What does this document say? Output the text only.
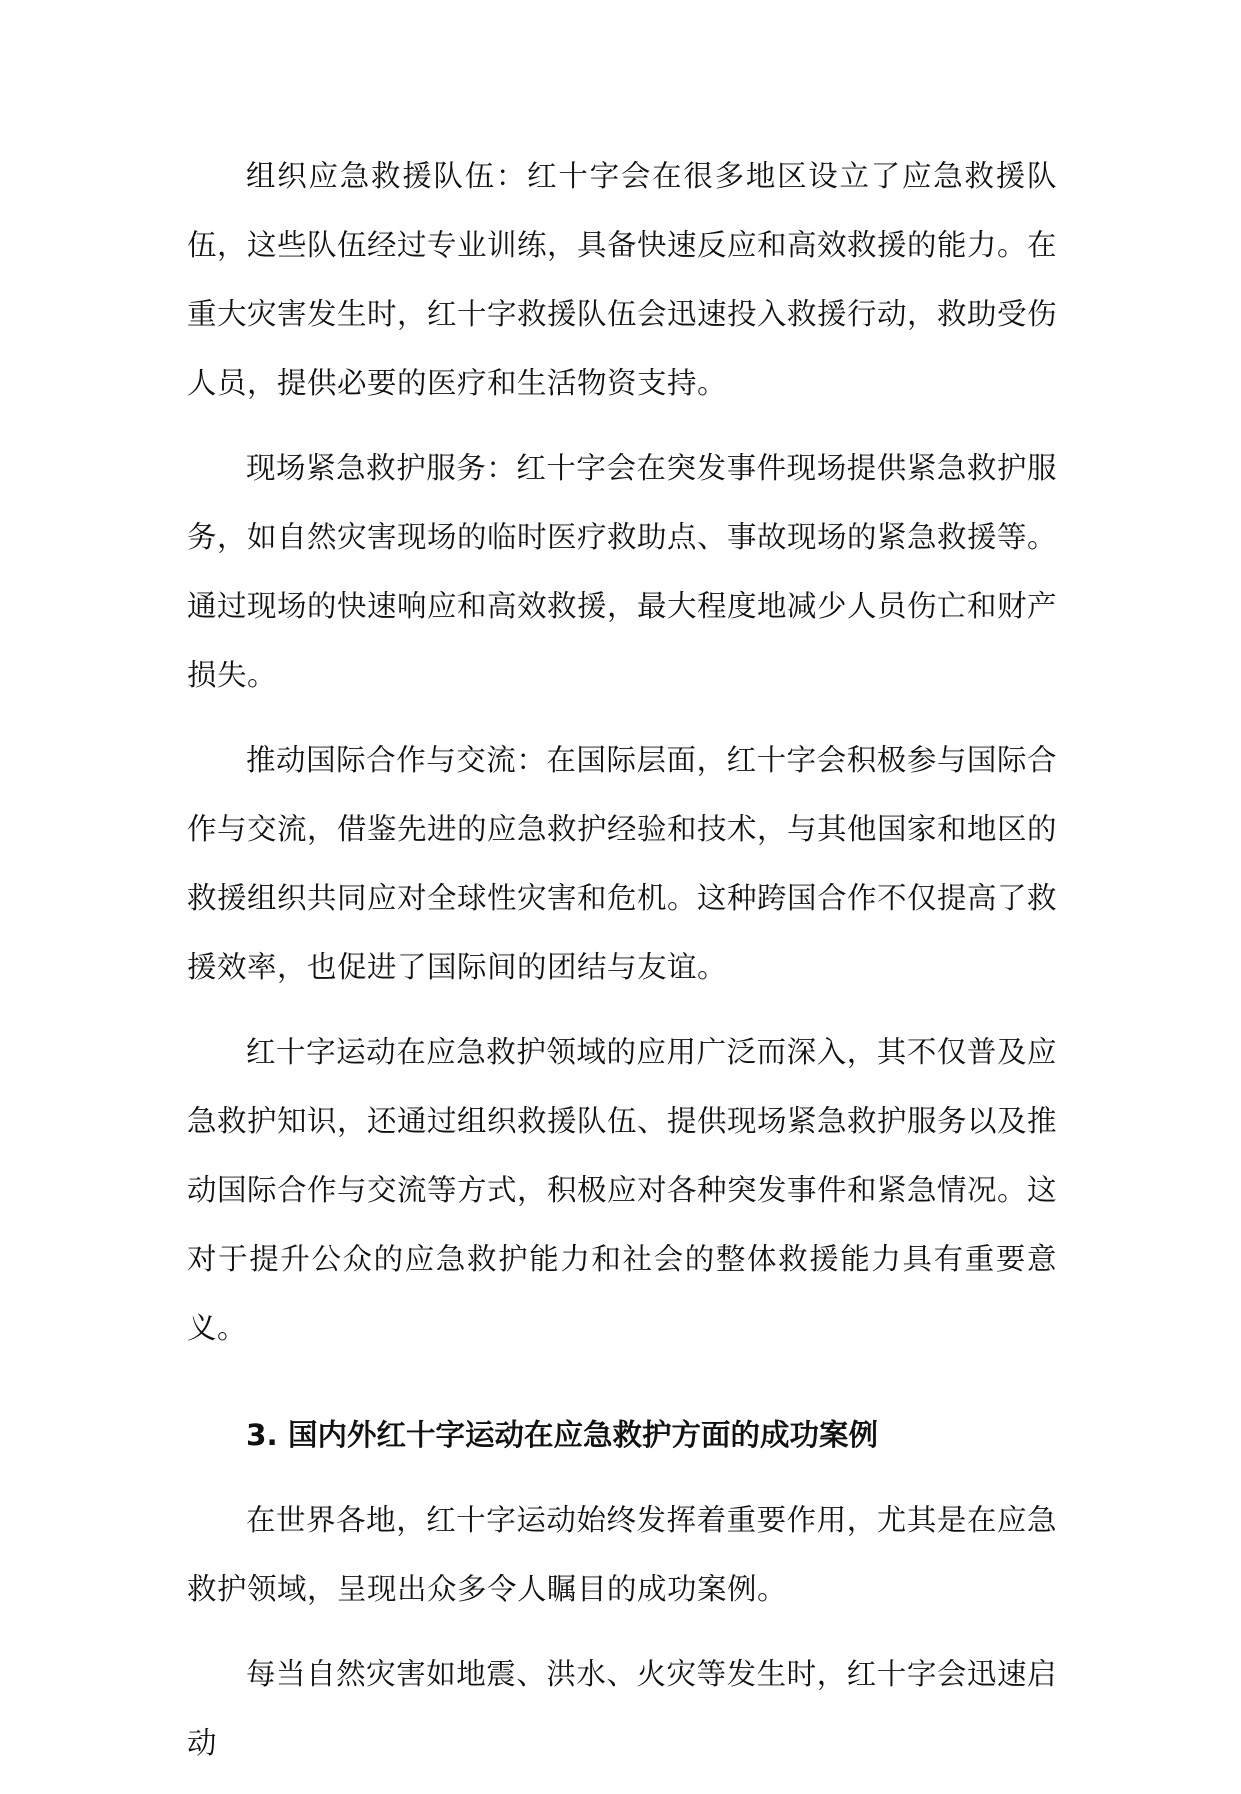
组织应急救援队伍：红十字会在很多地区设立了应急救援队伍，这些队伍经过专业训练，具备快速反应和高效救援的能力。在重大灾害发生时，红十字救援队伍会迅速投入救援行动，救助受伤人员，提供必要的医疗和生活物资支持。

现场紧急救护服务：红十字会在突发事件现场提供紧急救护服务，如自然灾害现场的临时医疗救助点、事故现场的紧急救援等。通过现场的快速响应和高效救援，最大程度地减少人员伤亡和财产损失。

推动国际合作与交流：在国际层面，红十字会积极参与国际合作与交流，借鉴先进的应急救护经验和技术，与其他国家和地区的救援组织共同应对全球性灾害和危机。这种跨国合作不仅提高了救援效率，也促进了国际间的团结与友谊。

红十字运动在应急救护领域的应用广泛而深入，其不仅普及应急救护知识，还通过组织救援队伍、提供现场紧急救护服务以及推动国际合作与交流等方式，积极应对各种突发事件和紧急情况。这对于提升公众的应急救护能力和社会的整体救援能力具有重要意义。

3. 国内外红十字运动在应急救护方面的成功案例

在世界各地，红十字运动始终发挥着重要作用，尤其是在应急救护领域，呈现出众多令人瞩目的成功案例。

每当自然灾害如地震、洪水、火灾等发生时，红十字会迅速启动
